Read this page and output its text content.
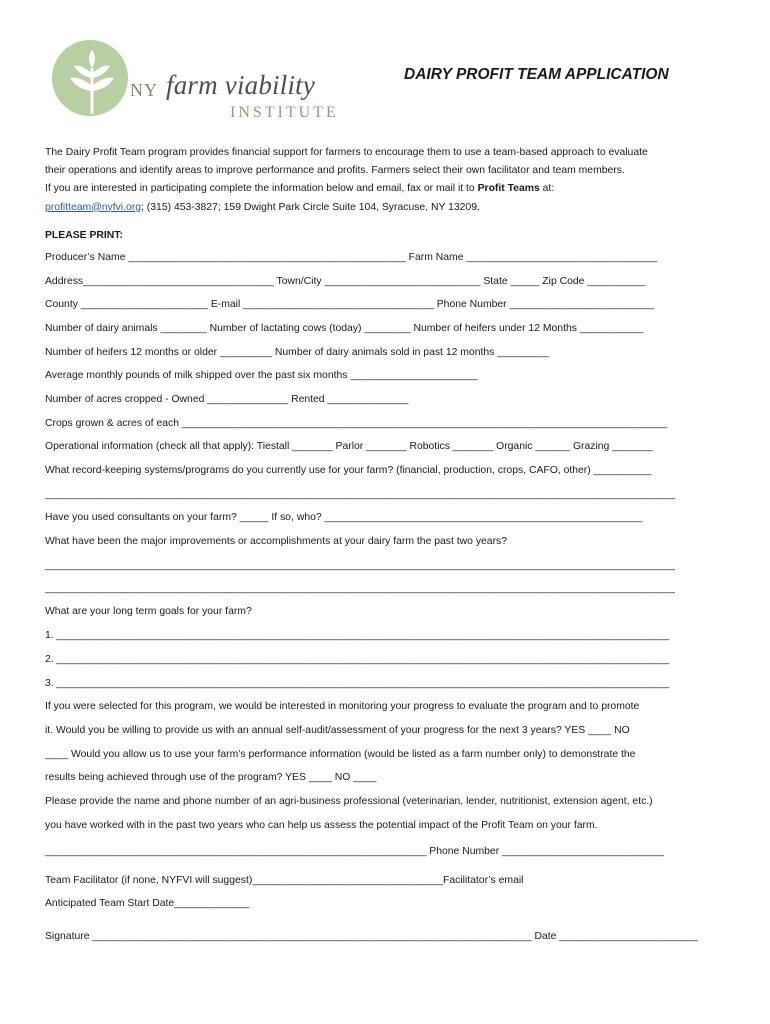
NY farm viability
INSTITUTE
DAIRY PROFIT TEAM APPLICATION

The Dairy Profit Team program provides financial support for farmers to encourage them to use a team-based approach to evaluate

their operations and identify areas to improve performance and profits. Farmers select their own facilitator and team members.

If you are interested in participating complete the information below and email, fax or mail it to Profit Teams at:

profitteam@nyfvi.org; (315) 453-3827; 159 Dwight Park Circle Suite 104, Syracuse, NY 13209.

PLEASE PRINT:
Producer’s Name ________________________________________________ Farm Name _________________________________
Address_________________________________ Town/City ___________________________ State _____ Zip Code __________
County ______________________ E-mail _________________________________ Phone Number _________________________
Number of dairy animals ________ Number of lactating cows (today) ________ Number of heifers under 12 Months ___________
Number of heifers 12 months or older _________ Number of dairy animals sold in past 12 months _________
Average monthly pounds of milk shipped over the past six months ______________________
Number of acres cropped - Owned ______________ Rented ______________
Crops grown & acres of each ____________________________________________________________________________________
Operational information (check all that apply): Tiestall _______ Parlor _______ Robotics _______ Organic ______ Grazing _______
What record-keeping systems/programs do you currently use for your farm? (financial, production, crops, CAFO, other) __________
_____________________________________________________________________________________________________________
Have you used consultants on your farm? _____ If so, who? _______________________________________________________
What have been the major improvements or accomplishments at your dairy farm the past two years?
_____________________________________________________________________________________________________________
_____________________________________________________________________________________________________________
What are your long term goals for your farm?
1. __________________________________________________________________________________________________________
2. __________________________________________________________________________________________________________
3. __________________________________________________________________________________________________________
If you were selected for this program, we would be interested in monitoring your progress to evaluate the program and to promote
it. Would you be willing to provide us with an annual self-audit/assessment of your progress for the next 3 years? YES ____ NO
____ Would you allow us to use your farm’s performance information (would be listed as a farm number only) to demonstrate the
results being achieved through use of the program? YES ____ NO ____
Please provide the name and phone number of an agri-business professional (veterinarian, lender, nutritionist, extension agent, etc.)
you have worked with in the past two years who can help us assess the potential impact of the Profit Team on your farm.
__________________________________________________________________ Phone Number ____________________________
Team Facilitator (if none, NYFVI will suggest)_________________________________Facilitator’s email
Anticipated Team Start Date_____________
Signature ____________________________________________________________________________ Date ________________________
